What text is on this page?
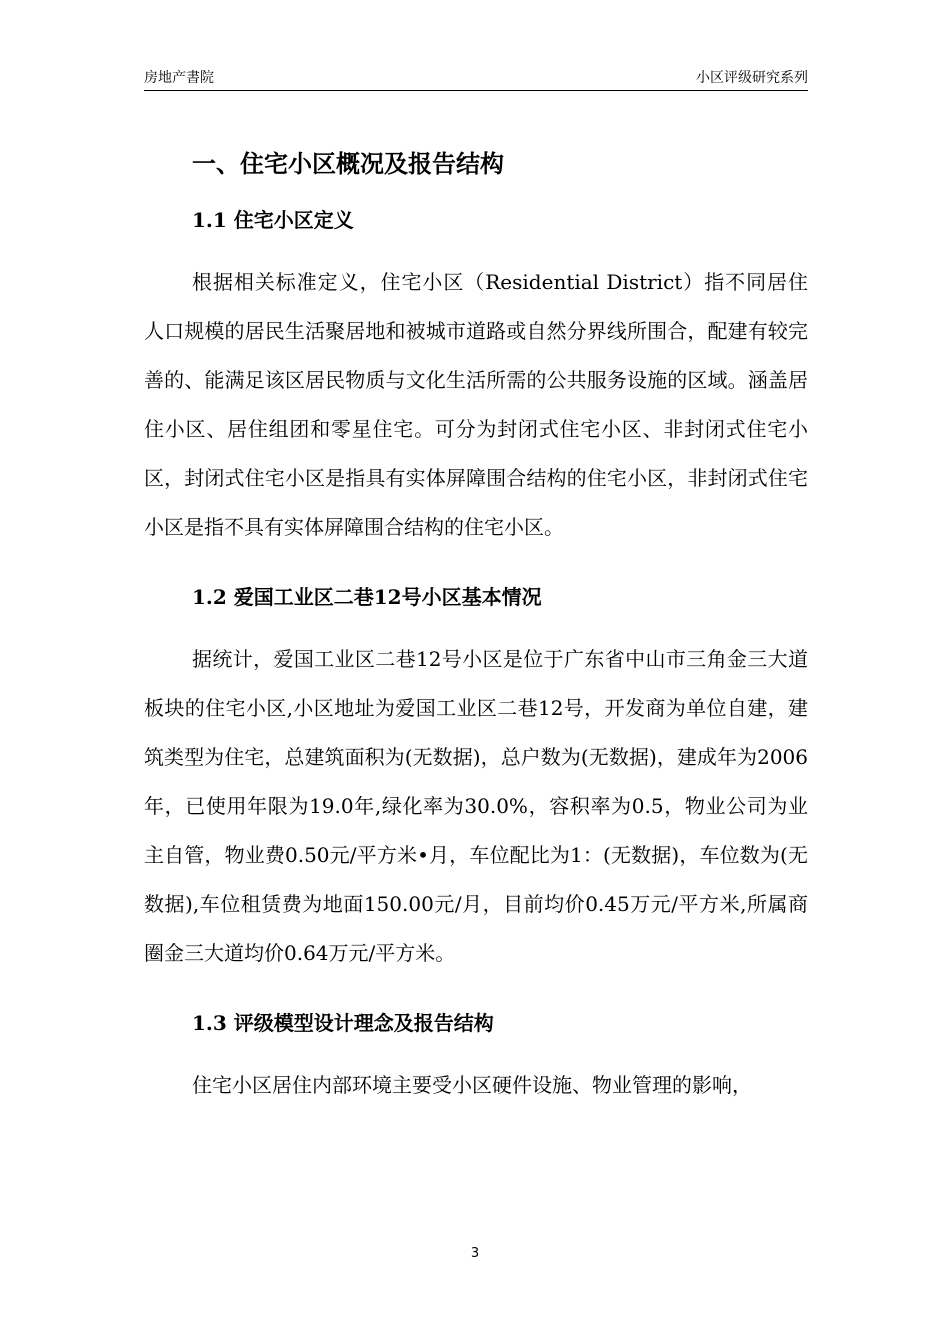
房地产書院	小区评级研究系列
一、住宅小区概况及报告结构
1.1 住宅小区定义

根据相关标准定义，住宅小区（Residential District）指不同居住人口规模的居民生活聚居地和被城市道路或自然分界线所围合，配建有较完善的、能满足该区居民物质与文化生活所需的公共服务设施的区域。涵盖居住小区、居住组团和零星住宅。可分为封闭式住宅小区、非封闭式住宅小区，封闭式住宅小区是指具有实体屏障围合结构的住宅小区，非封闭式住宅小区是指不具有实体屏障围合结构的住宅小区。

1.2 爱国工业区二巷12号小区基本情况

据统计，爱国工业区二巷12号小区是位于广东省中山市三角金三大道板块的住宅小区,小区地址为爱国工业区二巷12号，开发商为单位自建，建筑类型为住宅，总建筑面积为(无数据)，总户数为(无数据)，建成年为2006年，已使用年限为19.0年,绿化率为30.0%，容积率为0.5，物业公司为业主自管，物业费0.50元/平方米•月，车位配比为1：(无数据)，车位数为(无数据),车位租赁费为地面150.00元/月，目前均价0.45万元/平方米,所属商圈金三大道均价0.64万元/平方米。

1.3 评级模型设计理念及报告结构

住宅小区居住内部环境主要受小区硬件设施、物业管理的影响，

3
